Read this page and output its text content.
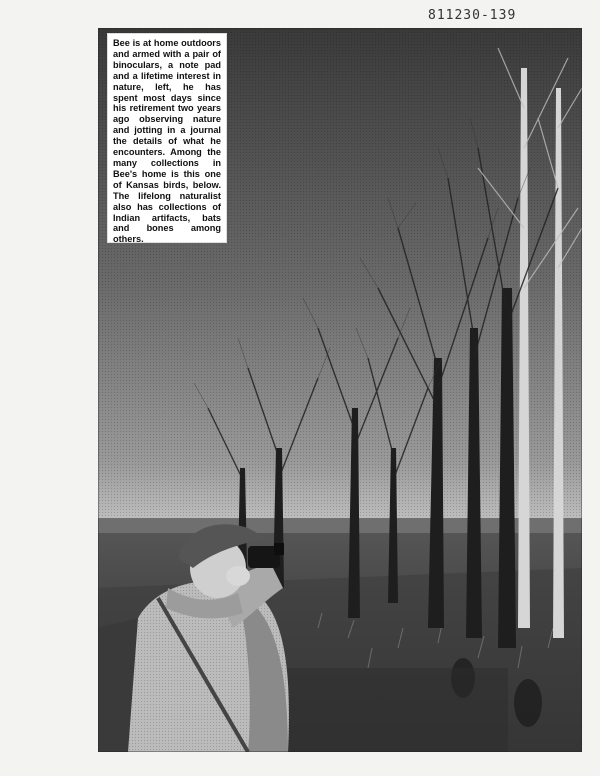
811230-139
Bee is at home outdoors and armed with a pair of binoculars, a note pad and a lifetime interest in nature, left, he has spent most days since his retirement two years ago observing nature and jotting in a journal the details of what he encounters. Among the many collections in Bee's home is this one of Kansas birds, below. The lifelong naturalist also has collections of Indian artifacts, bats and bones among others.
